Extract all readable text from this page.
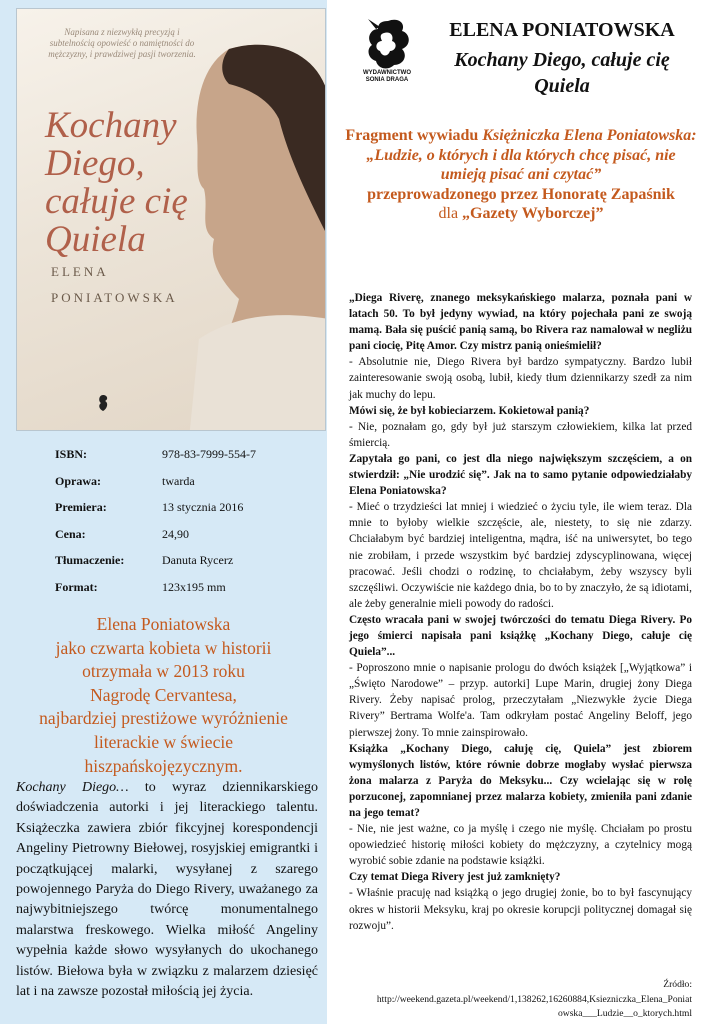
Napisana z niezwykłą precyzją i subtelnością opowieść o namiętności do mężczyzny, i prawdziwej pasji tworzenia.
Kochany
Diego,
całuje cię
Quiela
ELENA
PONIATOWSKA
ISBN:	978-83-7999-554-7
Oprawa:	twarda
Premiera:	13 stycznia 2016
Cena:	24,90
Tłumaczenie:	Danuta Rycerz
Format:	123x195 mm
Elena Poniatowska
jako czwarta kobieta w historii
otrzymała w 2013 roku
Nagrodę Cervantesa,
najbardziej prestiżowe wyróżnienie
literackie w świecie
hiszpańskojęzycznym.
Kochany Diego… to wyraz dziennikarskiego doświadczenia autorki i jej literackiego talentu. Książeczka zawiera zbiór fikcyjnej korespondencji Angeliny Pietrowny Biełowej, rosyjskiej emigrantki i początkującej malarki, wysyłanej z szarego powojennego Paryża do Diego Rivery, uważanego za najwybitniejszego twórcę monumentalnego malarstwa freskowego. Wielka miłość Angeliny wypełnia każde słowo wysyłanych do ukochanego listów. Biełowa była w związku z malarzem dziesięć lat i na zawsze pozostał miłością jej życia.
WYDAWNICTWO
SONIA DRAGA
ELENA PONIATOWSKA
Kochany Diego, całuje cię
Quiela
Fragment wywiadu Księżniczka Elena Poniatowska: „Ludzie, o których i dla których chcę pisać, nie umieją pisać ani czytać”
przeprowadzonego przez Honoratę Zapaśnik
dla „Gazety Wyborczej”

„Diega Riverę, znanego meksykańskiego malarza, poznała pani w latach 50. To był jedyny wywiad, na który pojechała pani ze swoją mamą. Bała się puścić panią samą, bo Rivera raz namalował w negliżu pani ciocię, Pitę Amor. Czy mistrz panią onieśmielił?

- Absolutnie nie, Diego Rivera był bardzo sympatyczny. Bardzo lubił zainteresowanie swoją osobą, lubił, kiedy tłum dziennikarzy szedł za nim jak muchy do lepu.

Mówi się, że był kobieciarzem. Kokietował panią?

- Nie, poznałam go, gdy był już starszym człowiekiem, kilka lat przed śmiercią.

Zapytała go pani, co jest dla niego największym szczęściem, a on stwierdził: „Nie urodzić się”. Jak na to samo pytanie odpowiedziałaby Elena Poniatowska?

- Mieć o trzydzieści lat mniej i wiedzieć o życiu tyle, ile wiem teraz. Dla mnie to byłoby wielkie szczęście, ale, niestety, to się nie zdarzy. Chciałabym być bardziej inteligentna, mądra, iść na uniwersytet, bo tego nie zrobiłam, i przede wszystkim być bardziej zdyscyplinowana, więcej pracować. Jeśli chodzi o rodzinę, to chciałabym, żeby wszyscy byli szczęśliwi. Oczywiście nie każdego dnia, bo to by znaczyło, że są idiotami, ale żeby generalnie mieli powody do radości.

Często wracała pani w swojej twórczości do tematu Diega Rivery. Po jego śmierci napisała pani książkę „Kochany Diego, całuje cię Quiela”...

- Poproszono mnie o napisanie prologu do dwóch książek [„Wyjątkowa” i „Święto Narodowe” – przyp. autorki] Lupe Marin, drugiej żony Diega Rivery. Żeby napisać prolog, przeczytałam „Niezwykłe życie Diega Rivery” Bertrama Wolfe'a. Tam odkryłam postać Angeliny Beloff, jego pierwszej żony. To mnie zainspirowało.

Książka „Kochany Diego, całuję cię, Quiela” jest zbiorem wymyślonych listów, które równie dobrze mogłaby wysłać pierwsza żona malarza z Paryża do Meksyku... Czy wcielając się w rolę porzuconej, zapomnianej przez malarza kobiety, zmieniła pani zdanie na jego temat?

- Nie, nie jest ważne, co ja myślę i czego nie myślę. Chciałam po prostu opowiedzieć historię miłości kobiety do mężczyzny, a czytelnicy mogą wyrobić sobie zdanie na podstawie książki.

Czy temat Diega Rivery jest już zamknięty?

- Właśnie pracuję nad książką o jego drugiej żonie, bo to był fascynujący okres w historii Meksyku, kraj po okresie korupcji politycznej domagał się rozwoju”.

Źródło:
http://weekend.gazeta.pl/weekend/1,138262,16260884,Ksiezniczka_Elena_Poniat
owska___Ludzie__o_ktorych.html
